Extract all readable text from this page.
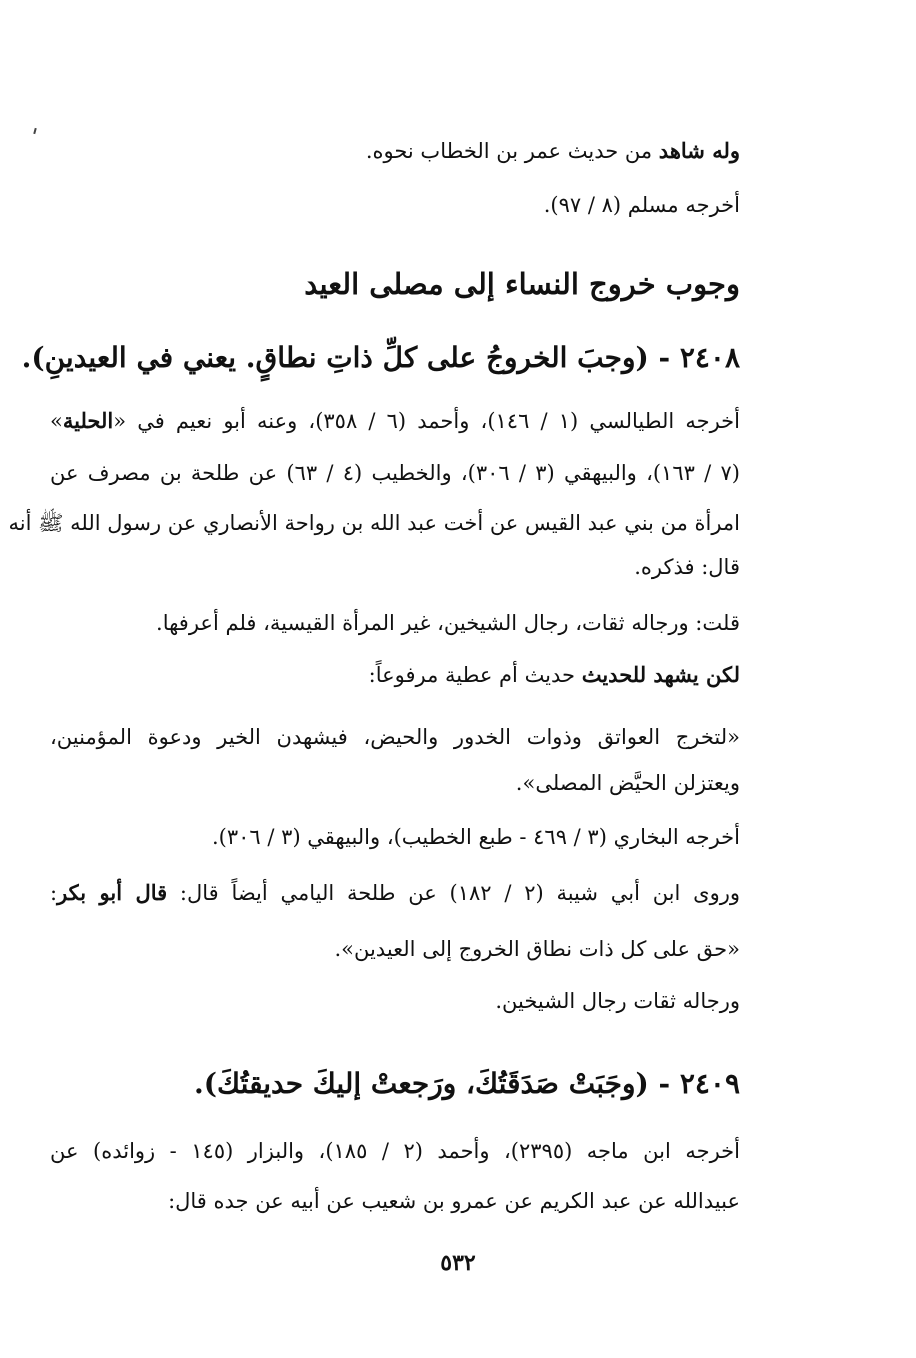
وله شاهد من حديث عمر بن الخطاب نحوه.
أخرجه مسلم (٨ / ٩٧).
وجوب خروج النساء إلى مصلى العيد
٢٤٠٨ - (وجبَ الخروجُ على كلِّ ذاتِ نطاقٍ. يعني في العيدينِ).
أخرجه الطيالسي (١ / ١٤٦)، وأحمد (٦ / ٣٥٨)، وعنه أبو نعيم في «الحلية»
(٧ / ١٦٣)، والبيهقي (٣ / ٣٠٦)، والخطيب (٤ / ٦٣) عن طلحة بن مصرف عن
امرأة من بني عبد القيس عن أخت عبد الله بن رواحة الأنصاري عن رسول الله ﷺ أنه
قال: فذكره.
قلت: ورجاله ثقات، رجال الشيخين، غير المرأة القيسية، فلم أعرفها.
لكن يشهد للحديث حديث أم عطية مرفوعاً:
«لتخرج العواتق وذوات الخدور والحيض، فيشهدن الخير ودعوة المؤمنين،
ويعتزلن الحيَّض المصلى».
أخرجه البخاري (٣ / ٤٦٩ - طبع الخطيب)، والبيهقي (٣ / ٣٠٦).
وروى ابن أبي شيبة (٢ / ١٨٢) عن طلحة اليامي أيضاً قال: قال أبو بكر:
«حق على كل ذات نطاق الخروج إلى العيدين».
ورجاله ثقات رجال الشيخين.
٢٤٠٩ - (وجَبَتْ صَدَقَتُكَ، ورَجعتْ إليكَ حديقتُكَ).
أخرجه ابن ماجه (٢٣٩٥)، وأحمد (٢ / ١٨٥)، والبزار (١٤٥ - زوائده) عن
عبيدالله عن عبد الكريم عن عمرو بن شعيب عن أبيه عن جده قال:
٥٣٢
